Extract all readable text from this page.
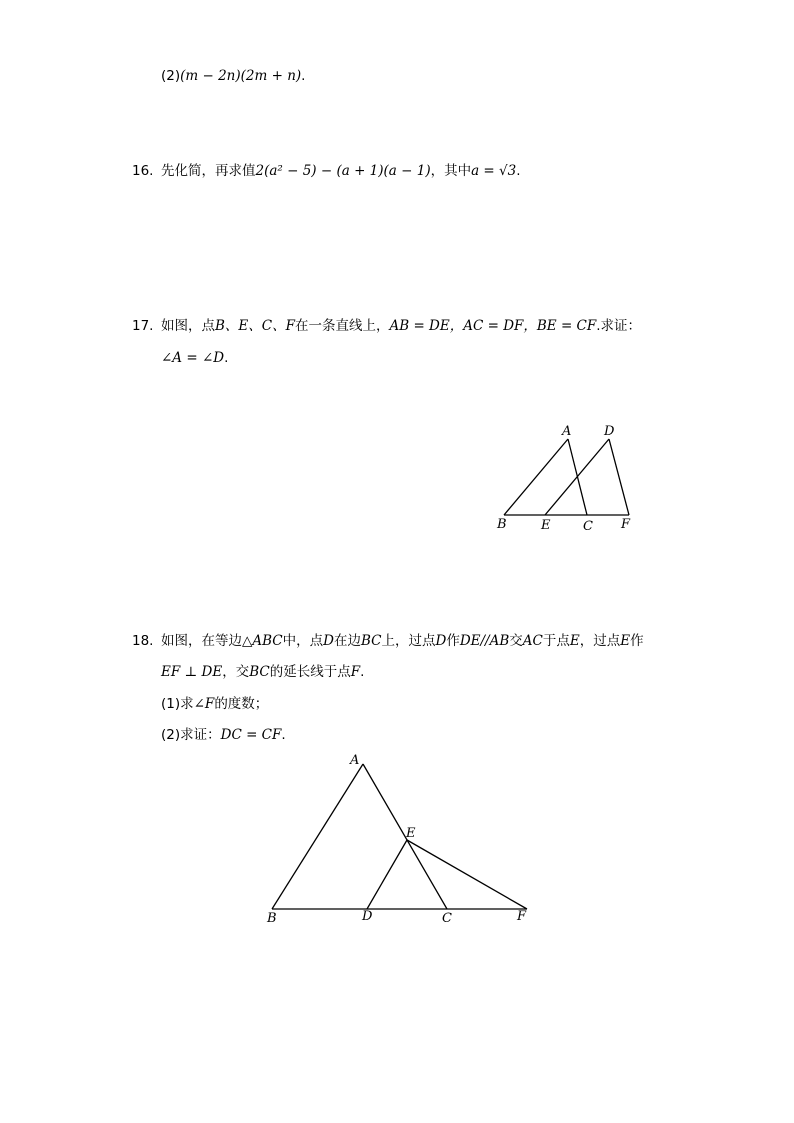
(2)(m − 2n)(2m + n).
16. 先化简，再求值2(a² − 5) − (a + 1)(a − 1)，其中a = √3.
17. 如图，点B、E、C、F在一条直线上，AB = DE，AC = DF，BE = CF.求证：
∠A = ∠D.
A	D
B	E	C F
A
E
B	D	C	F
18. 如图，在等边△ABC中，点D在边BC上，过点D作DE//AB交AC于点E，过点E作
EF ⊥ DE，交BC的延长线于点F.
(1)求∠F的度数；
(2)求证：DC = CF.
